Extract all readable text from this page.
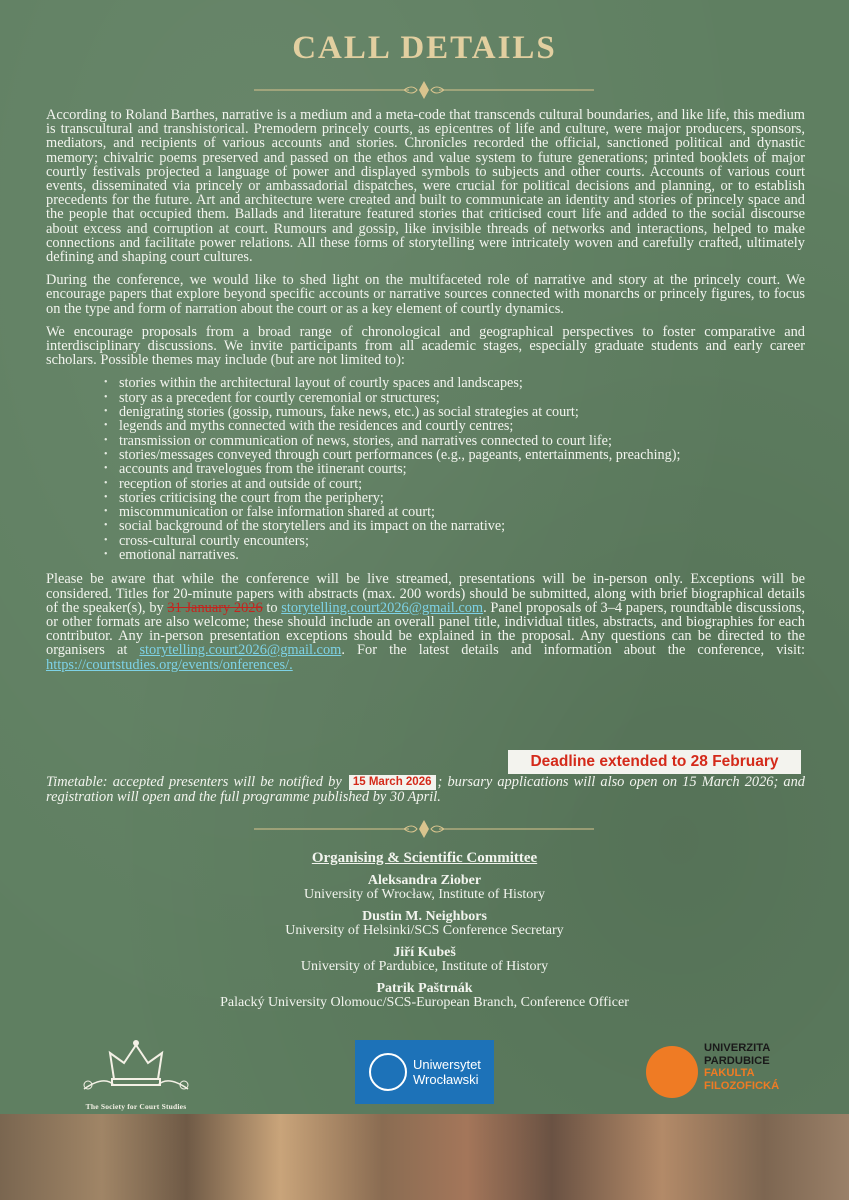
CALL DETAILS

According to Roland Barthes, narrative is a medium and a meta-code that transcends cultural boundaries, and like life, this medium is transcultural and transhistorical. Premodern princely courts, as epicentres of life and culture, were major producers, sponsors, mediators, and recipients of various accounts and stories. Chronicles recorded the official, sanctioned political and dynastic memory; chivalric poems preserved and passed on the ethos and value system to future generations; printed booklets of major courtly festivals projected a language of power and displayed symbols to subjects and other courts. Accounts of various court events, disseminated via princely or ambassadorial dispatches, were crucial for political decisions and planning, or to establish precedents for the future. Art and architecture were created and built to communicate an identity and stories of princely space and the people that occupied them. Ballads and literature featured stories that criticised court life and added to the social discourse about excess and corruption at court. Rumours and gossip, like invisible threads of networks and interactions, helped to make connections and facilitate power relations. All these forms of storytelling were intricately woven and carefully crafted, ultimately defining and shaping court cultures.

During the conference, we would like to shed light on the multifaceted role of narrative and story at the princely court. We encourage papers that explore beyond specific accounts or narrative sources connected with monarchs or princely figures, to focus on the type and form of narration about the court or as a key element of courtly dynamics.

We encourage proposals from a broad range of chronological and geographical perspectives to foster comparative and interdisciplinary discussions. We invite participants from all academic stages, especially graduate students and early career scholars. Possible themes may include (but are not limited to):

• stories within the architectural layout of courtly spaces and landscapes;
• story as a precedent for courtly ceremonial or structures;
• denigrating stories (gossip, rumours, fake news, etc.) as social strategies at court;
• legends and myths connected with the residences and courtly centres;
• transmission or communication of news, stories, and narratives connected to court life;
• stories/messages conveyed through court performances (e.g., pageants, entertainments, preaching);
• accounts and travelogues from the itinerant courts;
• reception of stories at and outside of court;
• stories criticising the court from the periphery;
• miscommunication or false information shared at court;
• social background of the storytellers and its impact on the narrative;
• cross-cultural courtly encounters;
• emotional narratives.

Please be aware that while the conference will be live streamed, presentations will be in-person only. Exceptions will be considered. Titles for 20-minute papers with abstracts (max. 200 words) should be submitted, along with brief biographical details of the speaker(s), by 31 January 2026 to storytelling.court2026@gmail.com. Panel proposals of 3–4 papers, roundtable discussions, or other formats are also welcome; these should include an overall panel title, individual titles, abstracts, and biographies for each contributor. Any in-person presentation exceptions should be explained in the proposal. Any questions can be directed to the organisers at storytelling.court2026@gmail.com. For the latest details and information about the conference, visit: https://courtstudies.org/events/onferences/.

Deadline extended to 28 February
Timetable: accepted presenters will be notified by 15 March 2026 ; bursary applications will also open on 15 March 2026; and registration will open and the full programme published by 30 April.
Organising & Scientific Committee
Aleksandra Ziober
University of Wrocław, Institute of History
Dustin M. Neighbors
University of Helsinki/SCS Conference Secretary
Jiří Kubeš
University of Pardubice, Institute of History
Patrik Paštrnák
Palacký University Olomouc/SCS-European Branch, Conference Officer
The Society for Court Studies
Uniwersytet
Wrocławski
UNIVERZITA
PARDUBICE
FAKULTA
FILOZOFICKÁ
